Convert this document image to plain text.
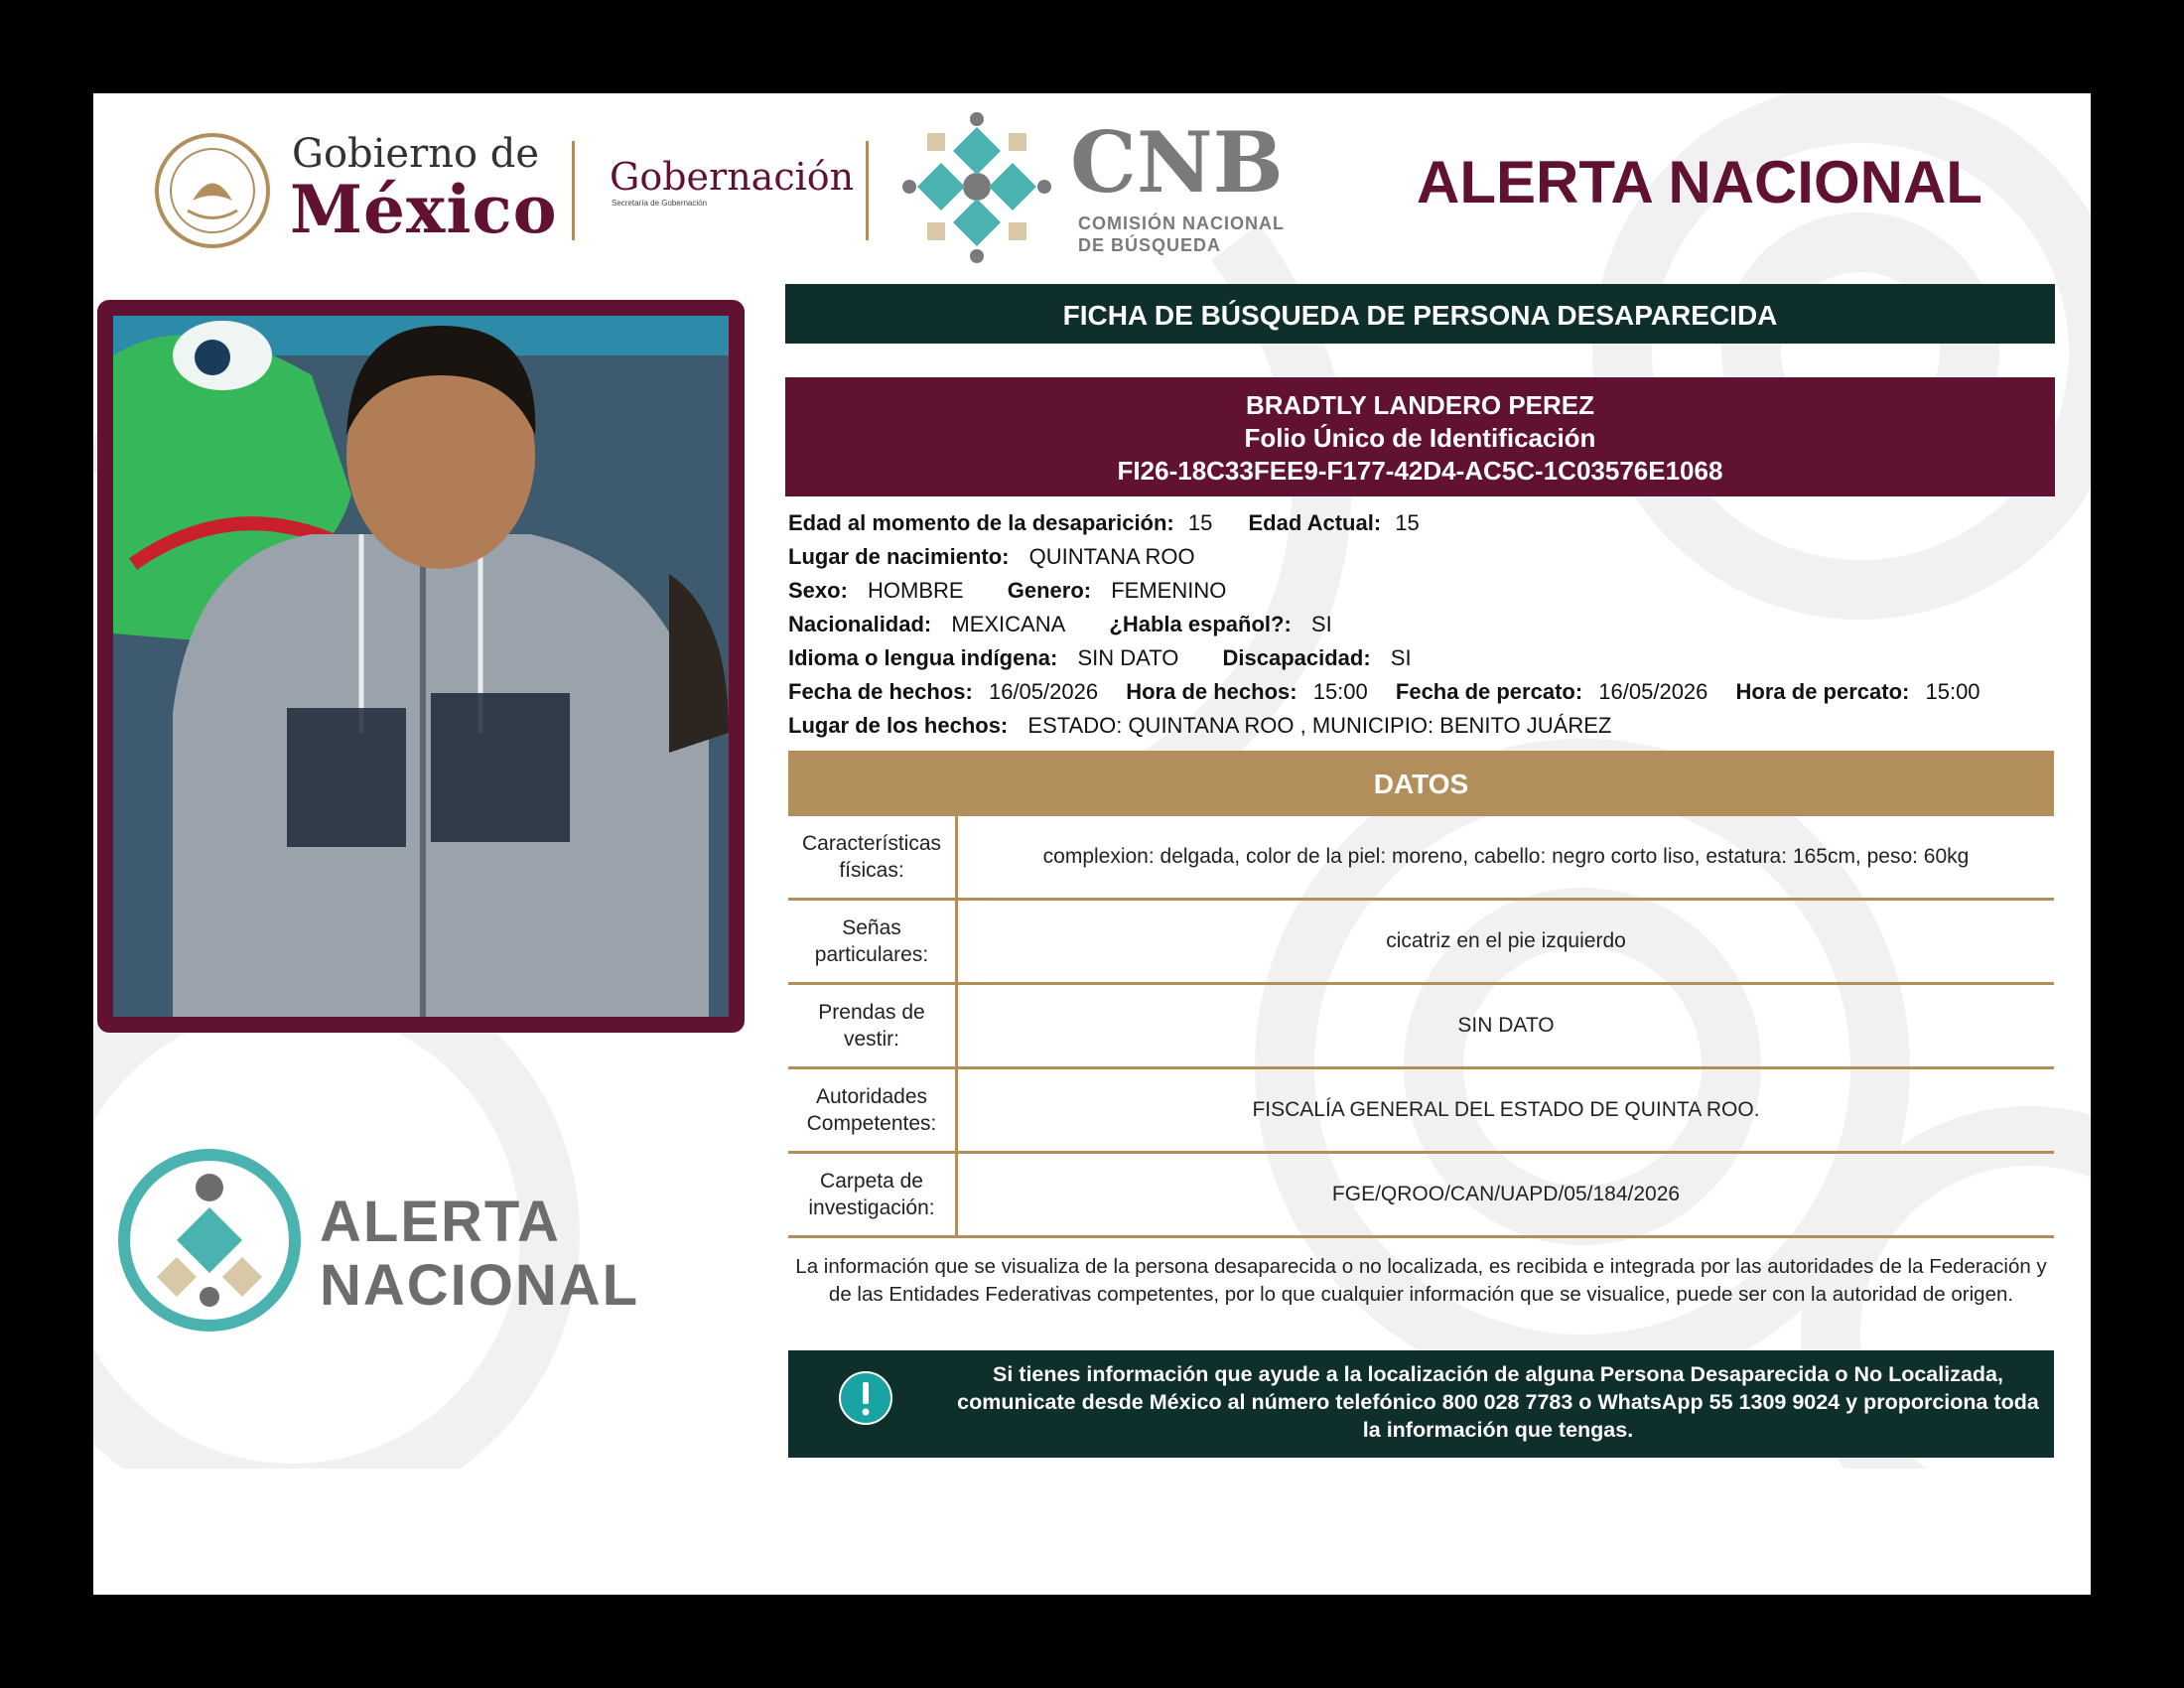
Gobierno de
México Gobernación
Secretaría de Gobernación	CNB
COMISIÓN NACIONAL
DE BÚSQUEDA
ALERTA NACIONAL
ALERTA
NACIONAL
FICHA DE BÚSQUEDA DE PERSONA DESAPARECIDA
BRADTLY LANDERO PEREZ
Folio Único de Identificación
FI26-18C33FEE9-F177-42D4-AC5C-1C03576E1068
Edad al momento de la desaparición: 15 Edad Actual: 15
Lugar de nacimiento: QUINTANA ROO
Sexo: HOMBRE Genero: FEMENINO
Nacionalidad: MEXICANA ¿Habla español?: SI
Idioma o lengua indígena: SIN DATO Discapacidad: SI
Fecha de hechos: 16/05/2026 Hora de hechos: 15:00 Fecha de percato: 16/05/2026 Hora de percato: 15:00
Lugar de los hechos: ESTADO: QUINTANA ROO , MUNICIPIO: BENITO JUÁREZ
DATOS
Características físicas:
complexion: delgada, color de la piel: moreno, cabello: negro corto liso, estatura: 165cm, peso: 60kg
Señas particulares:
cicatriz en el pie izquierdo
Prendas de vestir:
SIN DATO
Autoridades Competentes:
FISCALÍA GENERAL DEL ESTADO DE QUINTA ROO.
Carpeta de investigación:
FGE/QROO/CAN/UAPD/05/184/2026
La información que se visualiza de la persona desaparecida o no localizada, es recibida e integrada por las autoridades de la Federación y de las Entidades Federativas competentes, por lo que cualquier información que se visualice, puede ser con la autoridad de origen.
Si tienes información que ayude a la localización de alguna Persona Desaparecida o No Localizada, comunicate desde México al número telefónico 800 028 7783 o WhatsApp 55 1309 9024 y proporciona toda la información que tengas.
